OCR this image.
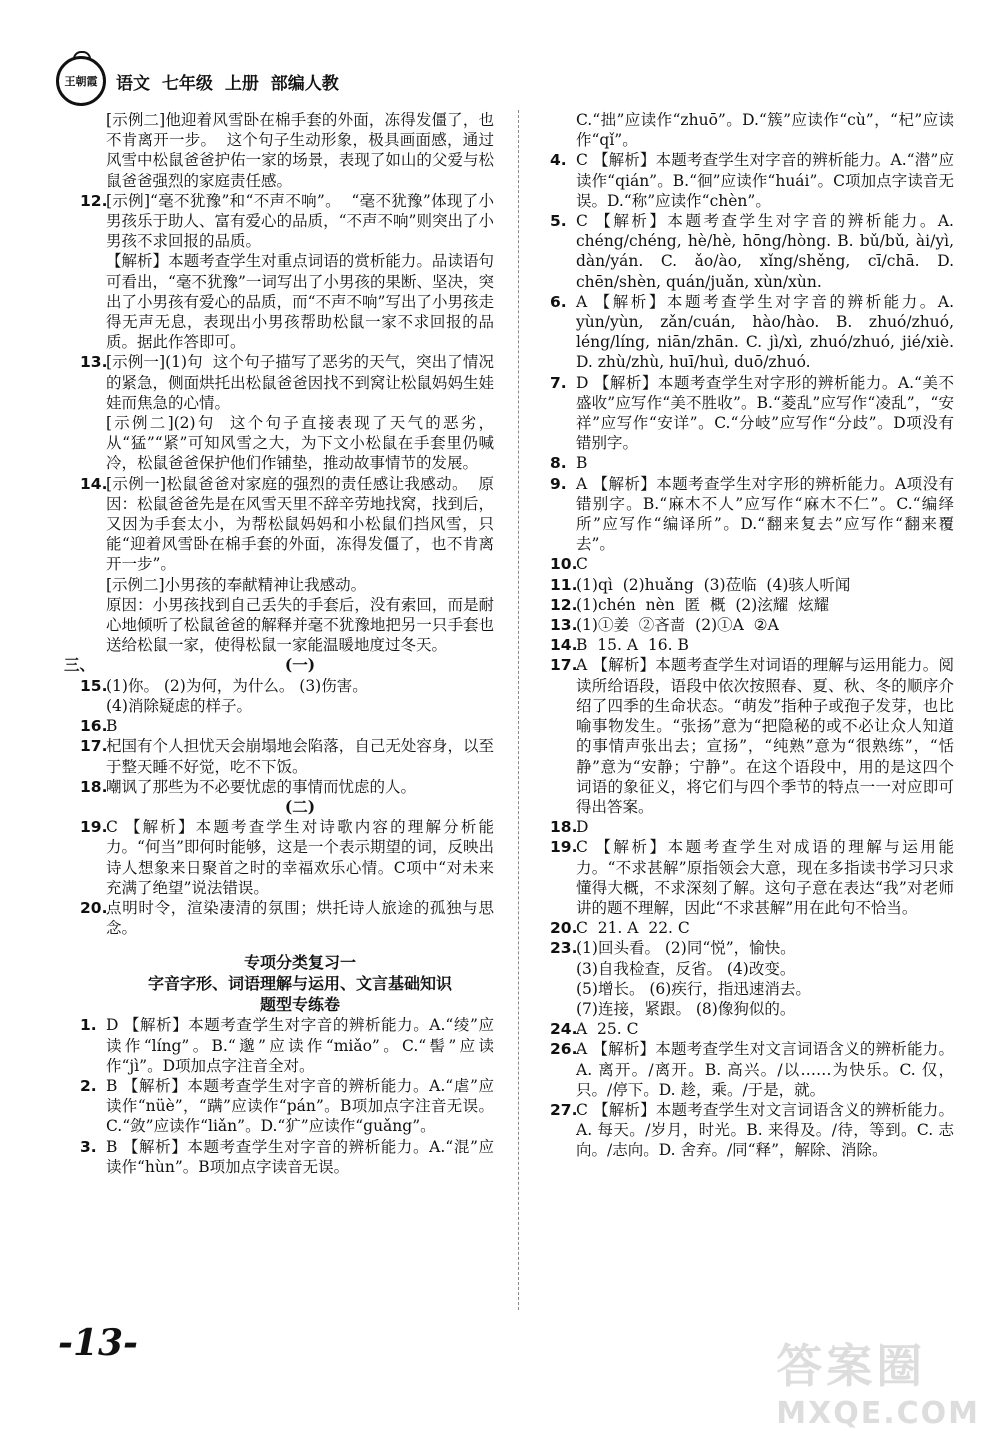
王朝霞 语文 七年级 上册 部编人教

[示例二]他迎着风雪卧在棉手套的外面，冻得发僵了，也不肯离开一步。  这个句子生动形象，极具画面感，通过风雪中松鼠爸爸护佑一家的场景，表现了如山的父爱与松鼠爸爸强烈的家庭责任感。

12.
[示例]“毫不犹豫”和“不声不响”。  “毫不犹豫”体现了小男孩乐于助人、富有爱心的品质，“不声不响”则突出了小男孩不求回报的品质。
【解析】本题考查学生对重点词语的赏析能力。品读语句可看出，“毫不犹豫”一词写出了小男孩的果断、坚决，突出了小男孩有爱心的品质，而“不声不响”写出了小男孩走得无声无息，表现出小男孩帮助松鼠一家不求回报的品质。据此作答即可。

13.
[示例一](1)句  这个句子描写了恶劣的天气，突出了情况的紧急，侧面烘托出松鼠爸爸因找不到窝让松鼠妈妈生娃娃而焦急的心情。
[示例二](2)句  这个句子直接表现了天气的恶劣，从“猛”“紧”可知风雪之大，为下文小松鼠在手套里仍喊冷，松鼠爸爸保护他们作铺垫，推动故事情节的发展。

14.
[示例一]松鼠爸爸对家庭的强烈的责任感让我感动。  原因：松鼠爸爸先是在风雪天里不辞辛劳地找窝，找到后，又因为手套太小，为帮松鼠妈妈和小松鼠们挡风雪，只能“迎着风雪卧在棉手套的外面，冻得发僵了，也不肯离开一步”。
[示例二]小男孩的奉献精神让我感动。
原因：小男孩找到自己丢失的手套后，没有索回，而是耐心地倾听了松鼠爸爸的解释并毫不犹豫地把另一只手套也送给松鼠一家，使得松鼠一家能温暖地度过冬天。

三、	(一)

15.
(1)你。 (2)为何，为什么。 (3)伤害。
(4)消除疑虑的样子。

16.
B

17.
杞国有个人担忧天会崩塌地会陷落，自己无处容身，以至于整天睡不好觉，吃不下饭。

18.
嘲讽了那些为不必要忧虑的事情而忧虑的人。

(二)

19.
C 【解析】本题考查学生对诗歌内容的理解分析能力。“何当”即何时能够，这是一个表示期望的词，反映出诗人想象来日聚首之时的幸福欢乐心情。C项中“对未来充满了绝望”说法错误。

20.
点明时令，渲染凄清的氛围；烘托诗人旅途的孤独与思念。

专项分类复习一
字音字形、词语理解与运用、文言基础知识
题型专练卷

1. D 【解析】本题考查学生对字音的辨析能力。A.“绫”应读作“líng”。B.“邈”应读作“miǎo”。C.“髻”应读作“jì”。D项加点字注音全对。

2. B 【解析】本题考查学生对字音的辨析能力。A.“虐”应读作“nüè”，“蹒”应读作“pán”。B项加点字注音无误。C.“敛”应读作“liǎn”。D.“犷”应读作“guǎng”。

3. B 【解析】本题考查学生对字音的辨析能力。A.“混”应读作“hùn”。B项加点字读音无误。

C.“拙”应读作“zhuō”。D.“簇”应读作“cù”，“杞”应读作“qǐ”。

4. C 【解析】本题考查学生对字音的辨析能力。A.“潜”应读作“qián”。B.“徊”应读作“huái”。C项加点字读音无误。D.“称”应读作“chèn”。

5. C 【解析】本题考查学生对字音的辨析能力。A. chéng/chéng, hè/hè, hōng/hòng. B. bǔ/bǔ, ài/yì, dàn/yán. C. ǎo/ào, xǐng/shěng, cī/chā. D. chēn/shèn, quán/juǎn, xùn/xùn.

6. A 【解析】本题考查学生对字音的辨析能力。A. yùn/yùn, zǎn/cuán, hào/hào. B. zhuó/zhuó, léng/líng, niān/zhān. C. jì/xì, zhuó/zhuó, jié/xiè. D. zhù/zhù, huī/huì, duō/zhuó.

7. D 【解析】本题考查学生对字形的辨析能力。A.“美不盛收”应写作“美不胜收”。B.“菱乱”应写作“凌乱”，“安祥”应写作“安详”。C.“分岐”应写作“分歧”。D项没有错别字。

8. B

9. A 【解析】本题考查学生对字形的辨析能力。A项没有错别字。B.“麻木不人”应写作“麻木不仁”。C.“编绎所”应写作“编译所”。D.“翻来复去”应写作“翻来覆去”。

10.
C

11.
(1)qì  (2)huǎng  (3)莅临  (4)骇人听闻

12.
(1)chén  nèn  匿  概  (2)泫耀  炫耀

13.
(1)①姜  ②吝啬  (2)①A  ②A

14.
B  15. A  16. B

17.
A 【解析】本题考查学生对词语的理解与运用能力。阅读所给语段，语段中依次按照春、夏、秋、冬的顺序介绍了四季的生命状态。“萌发”指种子或孢子发芽，也比喻事物发生。“张扬”意为“把隐秘的或不必让众人知道的事情声张出去；宣扬”，“纯熟”意为“很熟练”，“恬静”意为“安静；宁静”。在这个语段中，用的是这四个词语的象征义，将它们与四个季节的特点一一对应即可得出答案。

18.
D

19.
C 【解析】本题考查学生对成语的理解与运用能力。“不求甚解”原指领会大意，现在多指读书学习只求懂得大概，不求深刻了解。这句子意在表达“我”对老师讲的题不理解，因此“不求甚解”用在此句不恰当。

20.
C  21. A  22. C

23.
(1)回头看。 (2)同“悦”，愉快。
(3)自我检查，反省。 (4)改变。
(5)增长。 (6)疾行，指迅速消去。
(7)连接，紧跟。 (8)像狗似的。

24.
A  25. C

26.
A 【解析】本题考查学生对文言词语含义的辨析能力。A. 离开。/离开。B. 高兴。/以……为快乐。C. 仅，只。/停下。D. 趁，乘。/于是，就。

27.
C 【解析】本题考查学生对文言词语含义的辨析能力。A. 每天。/岁月，时光。B. 来得及。/待，等到。C. 志向。/志向。D. 舍弃。/同“释”，解除、消除。

-13-	答案圈
MXQE.COM
